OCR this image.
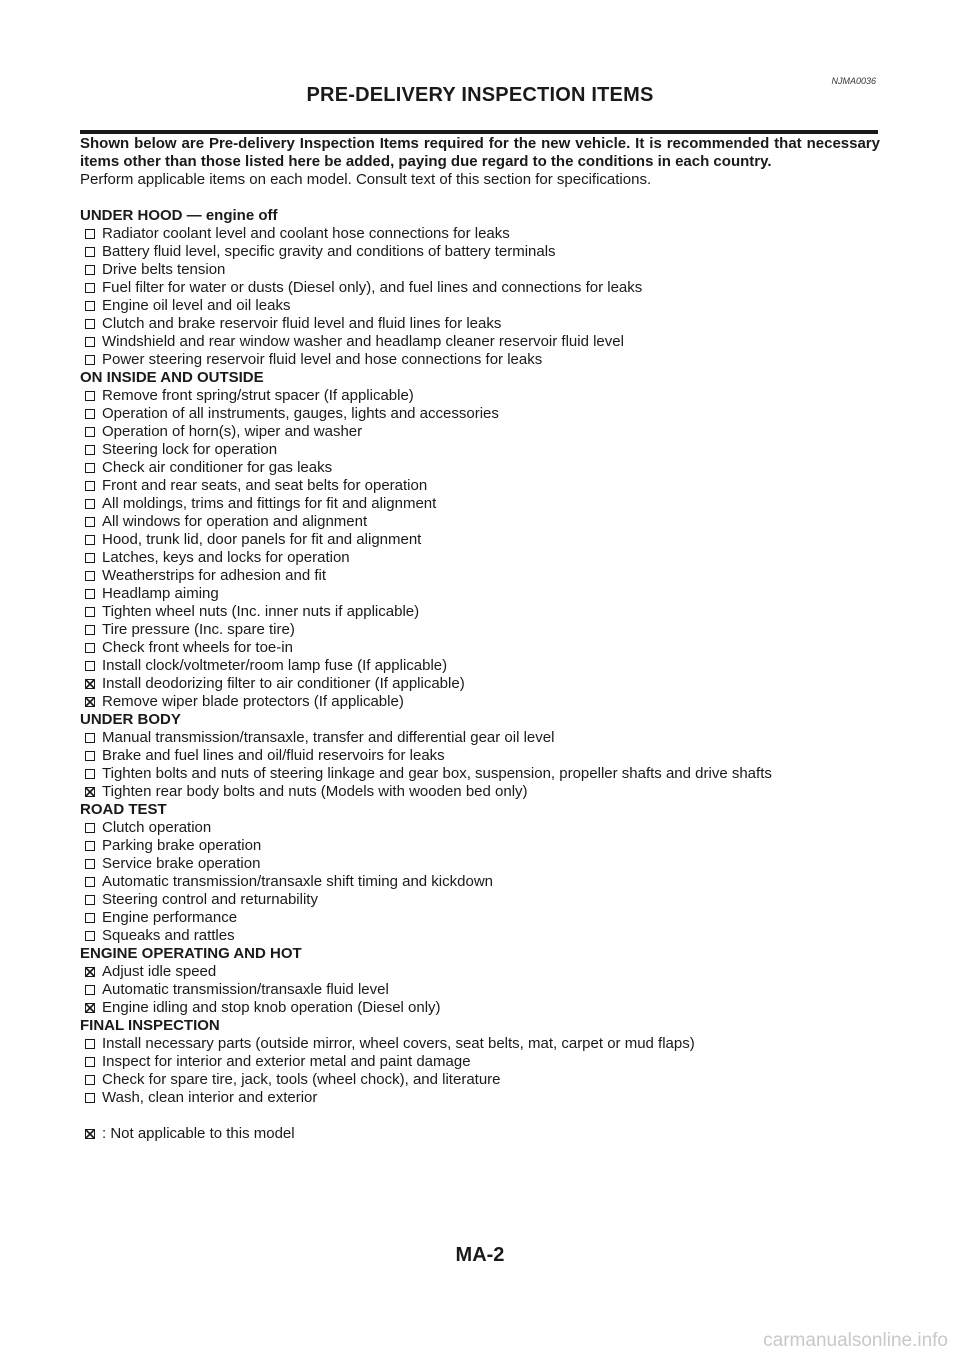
NJMA0036
PRE-DELIVERY INSPECTION ITEMS

Shown below are Pre-delivery Inspection Items required for the new vehicle. It is recommended that necessary items other than those listed here be added, paying due regard to the conditions in each country.

Perform applicable items on each model. Consult text of this section for specifications.

UNDER HOOD — engine off
Radiator coolant level and coolant hose connections for leaks
Battery fluid level, specific gravity and conditions of battery terminals
Drive belts tension
Fuel filter for water or dusts (Diesel only), and fuel lines and connections for leaks
Engine oil level and oil leaks
Clutch and brake reservoir fluid level and fluid lines for leaks
Windshield and rear window washer and headlamp cleaner reservoir fluid level
Power steering reservoir fluid level and hose connections for leaks
ON INSIDE AND OUTSIDE
Remove front spring/strut spacer (If applicable)
Operation of all instruments, gauges, lights and accessories
Operation of horn(s), wiper and washer
Steering lock for operation
Check air conditioner for gas leaks
Front and rear seats, and seat belts for operation
All moldings, trims and fittings for fit and alignment
All windows for operation and alignment
Hood, trunk lid, door panels for fit and alignment
Latches, keys and locks for operation
Weatherstrips for adhesion and fit
Headlamp aiming
Tighten wheel nuts (Inc. inner nuts if applicable)
Tire pressure (Inc. spare tire)
Check front wheels for toe-in
Install clock/voltmeter/room lamp fuse (If applicable)
Install deodorizing filter to air conditioner (If applicable)
Remove wiper blade protectors (If applicable)
UNDER BODY
Manual transmission/transaxle, transfer and differential gear oil level
Brake and fuel lines and oil/fluid reservoirs for leaks
Tighten bolts and nuts of steering linkage and gear box, suspension, propeller shafts and drive shafts
Tighten rear body bolts and nuts (Models with wooden bed only)
ROAD TEST
Clutch operation
Parking brake operation
Service brake operation
Automatic transmission/transaxle shift timing and kickdown
Steering control and returnability
Engine performance
Squeaks and rattles
ENGINE OPERATING AND HOT
Adjust idle speed
Automatic transmission/transaxle fluid level
Engine idling and stop knob operation (Diesel only)
FINAL INSPECTION
Install necessary parts (outside mirror, wheel covers, seat belts, mat, carpet or mud flaps)
Inspect for interior and exterior metal and paint damage
Check for spare tire, jack, tools (wheel chock), and literature
Wash, clean interior and exterior
: Not applicable to this model
MA-2
carmanualsonline.info
